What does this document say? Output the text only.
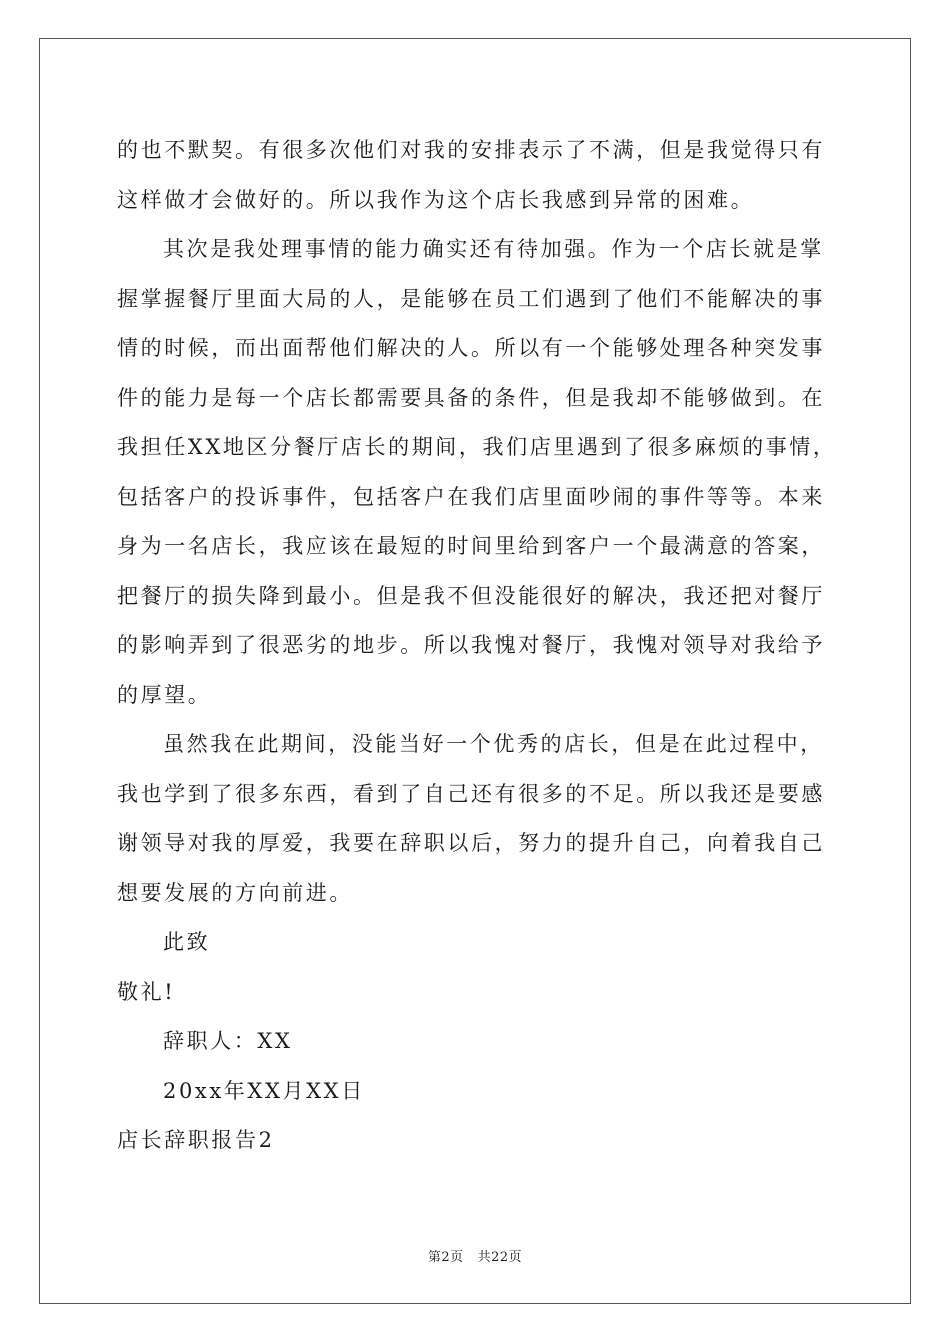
的也不默契。有很多次他们对我的安排表示了不满，但是我觉得只有
这样做才会做好的。所以我作为这个店长我感到异常的困难。
其次是我处理事情的能力确实还有待加强。作为一个店长就是掌
握掌握餐厅里面大局的人，是能够在员工们遇到了他们不能解决的事
情的时候，而出面帮他们解决的人。所以有一个能够处理各种突发事
件的能力是每一个店长都需要具备的条件，但是我却不能够做到。在
我担任XX地区分餐厅店长的期间，我们店里遇到了很多麻烦的事情，
包括客户的投诉事件，包括客户在我们店里面吵闹的事件等等。本来
身为一名店长，我应该在最短的时间里给到客户一个最满意的答案，
把餐厅的损失降到最小。但是我不但没能很好的解决，我还把对餐厅
的影响弄到了很恶劣的地步。所以我愧对餐厅，我愧对领导对我给予
的厚望。
虽然我在此期间，没能当好一个优秀的店长，但是在此过程中，
我也学到了很多东西，看到了自己还有很多的不足。所以我还是要感
谢领导对我的厚爱，我要在辞职以后，努力的提升自己，向着我自己
想要发展的方向前进。
此致
敬礼!
辞职人：XX
20xx年XX月XX日
店长辞职报告2
第2页 共22页
